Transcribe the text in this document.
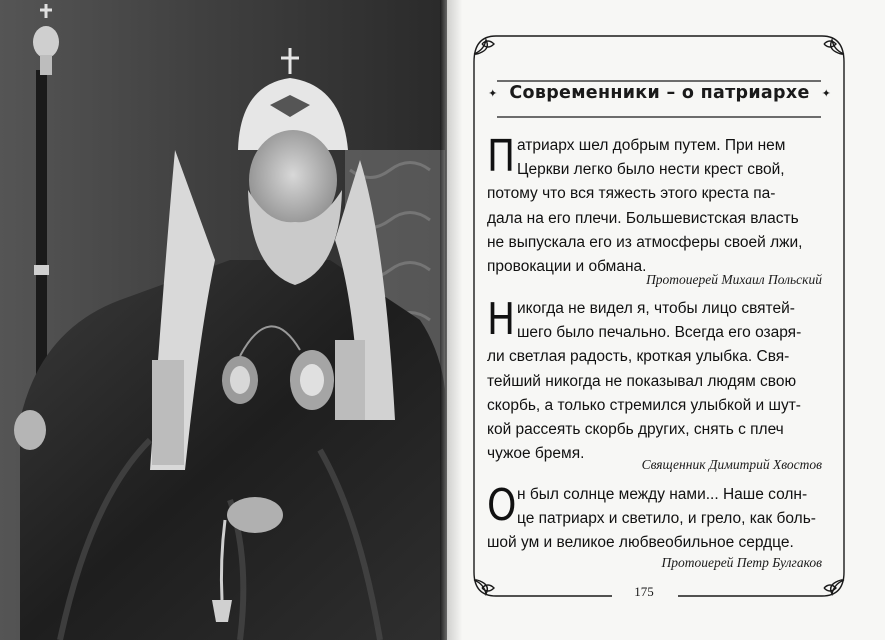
✦ Современники – о патриархе ✦
П атриарх шел добрым путем. При нем
Церкви легко было нести крест свой,
потому что вся тяжесть этого креста па-
дала на его плечи. Большевистская власть
не выпускала его из атмосферы своей лжи,
провокации и обмана.
Протоиерей Михаил Польский
Н икогда не видел я, чтобы лицо святей-
шего было печально. Всегда его озаря-
ли светлая радость, кроткая улыбка. Свя-
тейший никогда не показывал людям свою
скорбь, а только стремился улыбкой и шут-
кой рассеять скорбь других, снять с плеч
чужое бремя.
Священник Димитрий Хвостов
О н был солнце между нами... Наше солн-
це патриарх и светило, и грело, как боль-
шой ум и великое любвеобильное сердце.
Протоиерей Петр Булгаков
175
